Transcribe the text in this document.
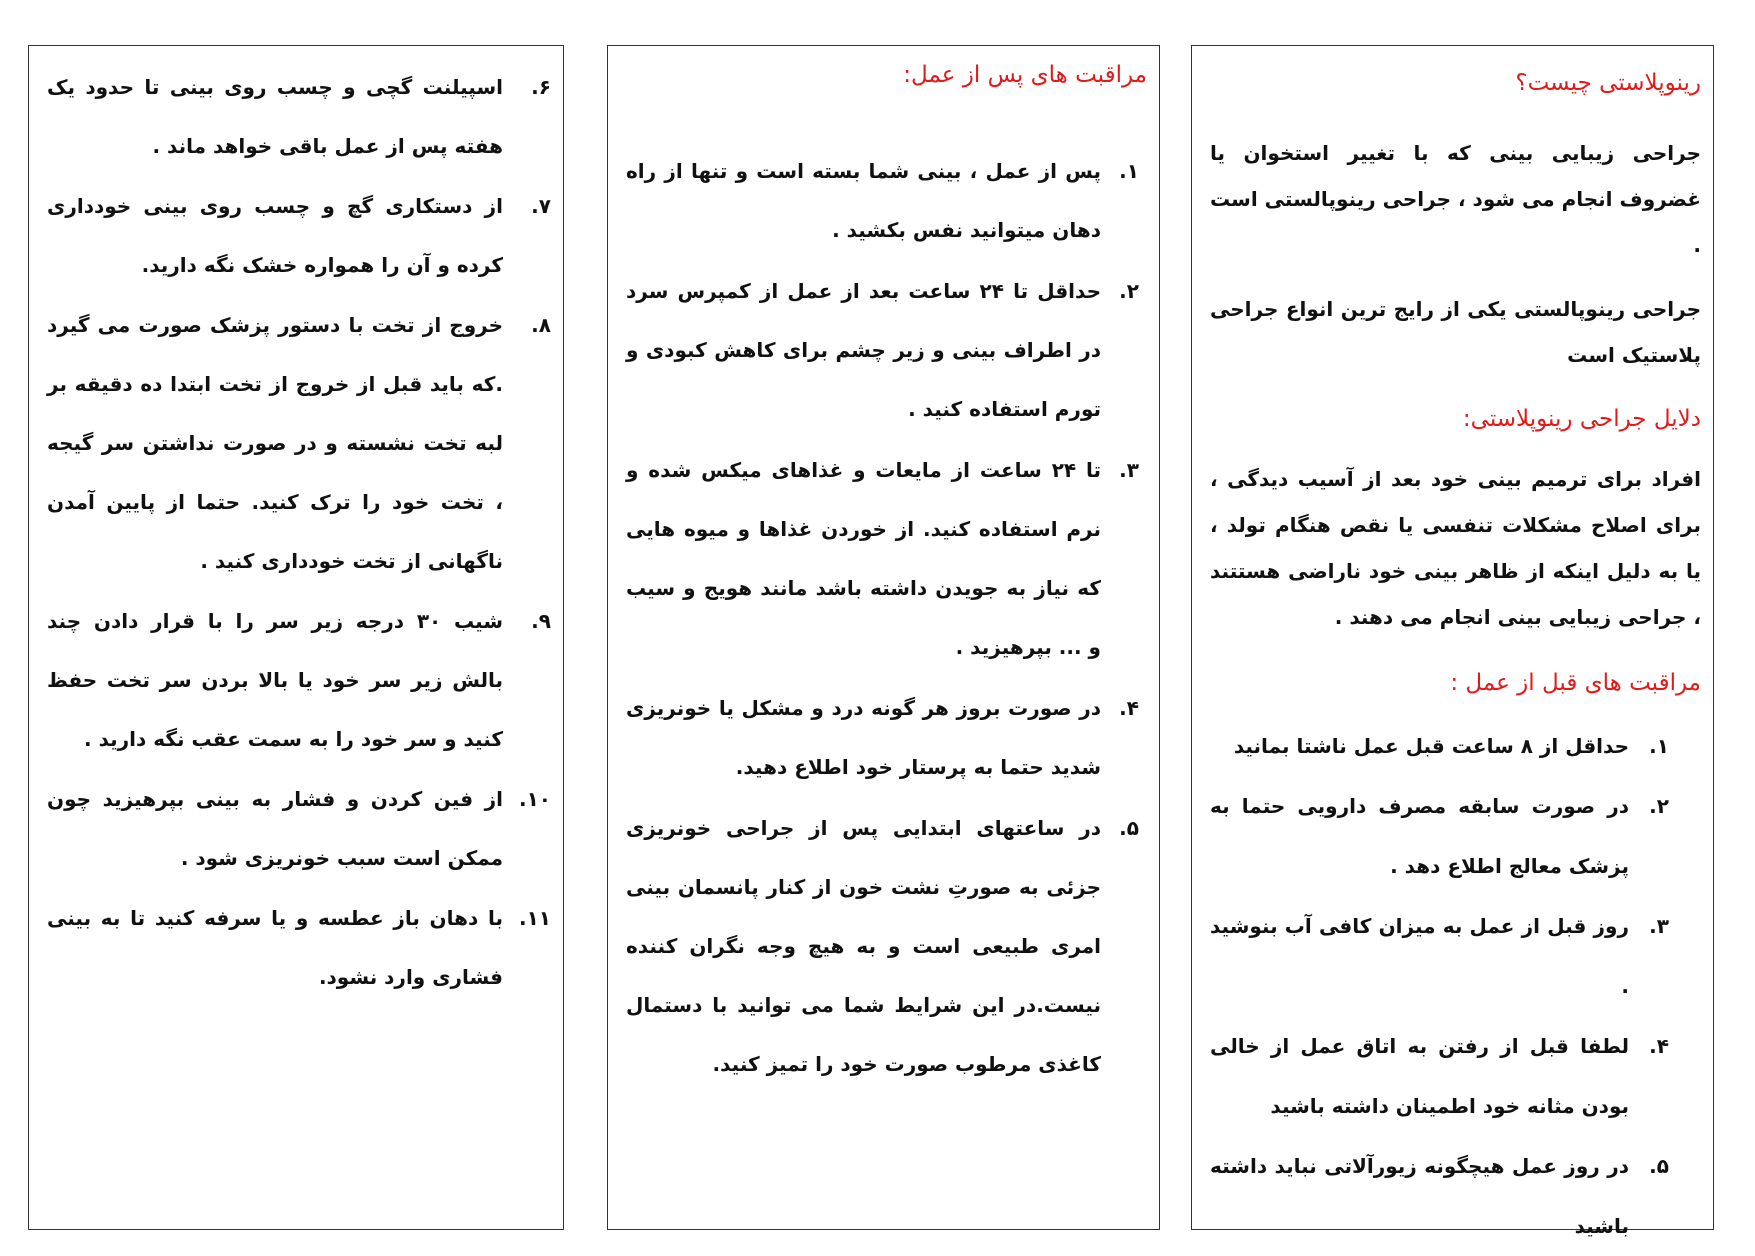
رینوپلاستی چیست؟

جراحی زیبایی بینی که با تغییر استخوان یا غضروف انجام می شود ، جراحی رینوپالستی است .

جراحی رینوپالستی یکی از رایج ترین انواع جراحی پلاستیک است

دلایل جراحی رینوپلاستی:

افراد برای ترمیم بینی خود بعد از آسیب دیدگی ، برای اصلاح مشکلات تنفسی یا نقص هنگام تولد ، یا به دلیل اینکه از ظاهر بینی خود ناراضی هستتند ، جراحی زیبایی بینی انجام می دهند .

مراقبت های قبل از عمل :
۱.
حداقل از ۸ ساعت قبل عمل ناشتا بمانید
۲.
در صورت سابقه مصرف دارویی حتما به پزشک معالج اطلاع دهد .
۳.
روز قبل از عمل به میزان کافی آب بنوشید .
۴.
لطفا قبل از رفتن به اتاق عمل از خالی بودن مثانه خود اطمینان داشته باشید
۵.
در روز عمل هیچگونه زیورآلاتی نباید داشته باشید
مراقبت های پس از عمل:
۱.
پس از عمل ، بینی شما بسته است و تنها از راه دهان میتوانید نفس بکشید .
۲.
حداقل تا ۲۴ ساعت بعد از عمل از کمپرس سرد در اطراف بینی و زیر چشم برای کاهش کبودی و تورم استفاده کنید .
۳.
تا ۲۴ ساعت از مایعات و غذاهای میکس شده و نرم استفاده کنید. از خوردن غذاها و میوه هایی که نیاز به جویدن داشته باشد مانند هویج و سیب و ... بپرهیزید .
۴.
در صورت بروز هر گونه درد و مشکل یا خونریزی شدید حتما به پرستار خود اطلاع دهید.
۵.
در ساعتهای ابتدایی پس از جراحی خونریزی جزئی به صورتِ نشت خون از کنار پانسمان بینی امری طبیعی است و به هیچ وجه نگران کننده نیست.در این شرایط شما می توانید با دستمال کاغذی مرطوب صورت خود را تمیز کنید.
۶.
اسپیلنت گچی و چسب روی بینی تا حدود یک هفته پس از عمل باقی خواهد ماند .
۷.
از دستکاری گچ و چسب روی بینی خودداری کرده و آن را همواره خشک نگه دارید.
۸.
خروج از تخت با دستور پزشک صورت می گیرد .که باید قبل از خروج از تخت ابتدا ده دقیقه بر لبه تخت نشسته و در صورت نداشتن سر گیجه ، تخت خود را ترک کنید. حتما از پایین آمدن ناگهانی از تخت خودداری کنید .
۹.
شیب ۳۰ درجه زیر سر را با قرار دادن چند بالش زیر سر خود یا بالا بردن سر تخت حفظ کنید و سر خود را به سمت عقب نگه دارید .
۱۰.
از فین کردن و فشار به بینی بپرهیزید چون ممکن است سبب خونریزی شود .
۱۱.
با دهان باز عطسه و یا سرفه کنید تا به بینی فشاری وارد نشود.
